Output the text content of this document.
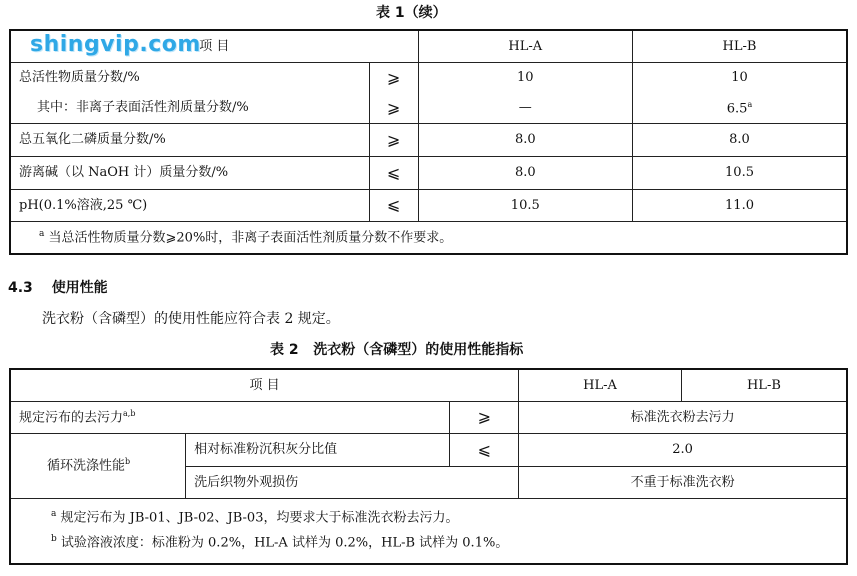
表 1（续）
项 目		HL-A	HL-B
总活性物质量分数/%	⩾	10	10
其中：非离子表面活性剂质量分数/%	⩾	—	6.5$^a$
总五氧化二磷质量分数/%	⩾	8.0	8.0
游离碱（以 NaOH 计）质量分数/%	⩽	8.0	10.5
pH(0.1%溶液,25 ℃)	⩽	10.5	11.0
$^a$ 当总活性物质量分数⩾20%时，非离子表面活性剂质量分数不作要求。			
shingvip.com
4.3 使用性能
洗衣粉（含磷型）的使用性能应符合表 2 规定。
表 2   洗衣粉（含磷型）的使用性能指标
项 目			HL-A	HL-B
规定污布的去污力$^{a,b}$		⩾	标准洗衣粉去污力	
循环洗涤性能$^b$	相对标准粉沉积灰分比值	⩽	2.0	
	洗后织物外观损伤		不重于标准洗衣粉	

$^a$ 规定污布为 JB-01、JB-02、JB-03，均要求大于标准洗衣粉去污力。
$^b$ 试验溶液浓度：标准粉为 0.2%，HL-A 试样为 0.2%，HL-B 试样为 0.1%。				
